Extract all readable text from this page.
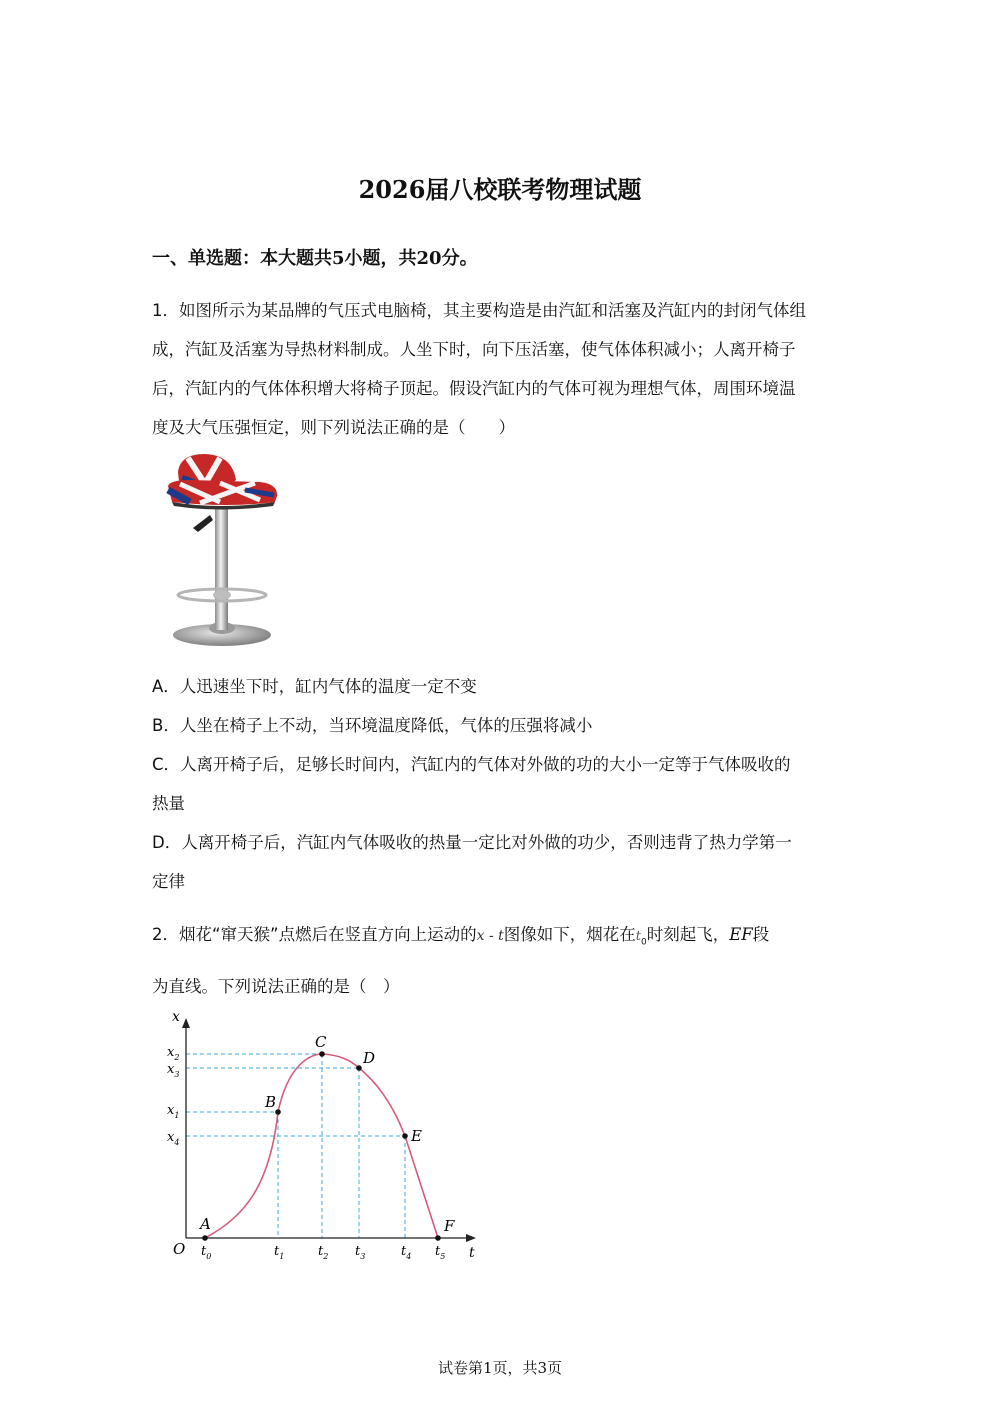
2026届八校联考物理试题
一、单选题：本大题共5小题，共20分。
1．如图所示为某品牌的气压式电脑椅，其主要构造是由汽缸和活塞及汽缸内的封闭气体组
成，汽缸及活塞为导热材料制成。人坐下时，向下压活塞，使气体体积减小；人离开椅子
后，汽缸内的气体体积增大将椅子顶起。假设汽缸内的气体可视为理想气体，周围环境温
度及大气压强恒定，则下列说法正确的是（　　）
A．人迅速坐下时，缸内气体的温度一定不变
B．人坐在椅子上不动，当环境温度降低，气体的压强将减小
C．人离开椅子后，足够长时间内，汽缸内的气体对外做的功的大小一定等于气体吸收的
热量
D．人离开椅子后，汽缸内气体吸收的热量一定比对外做的功少，否则违背了热力学第一
定律
2．烟花“窜天猴”点燃后在竖直方向上运动的x - t图像如下，烟花在$t_0$时刻起飞，EF段
为直线。下列说法正确的是（　）
A
B
C
D
E
F
x
t
O
$x_2$
$x_3$
$x_1$
$x_4$
$t_0$	$t_1$	$t_2$ $t_3$	$t_4$ $t_5$
试卷第1页，共3页
